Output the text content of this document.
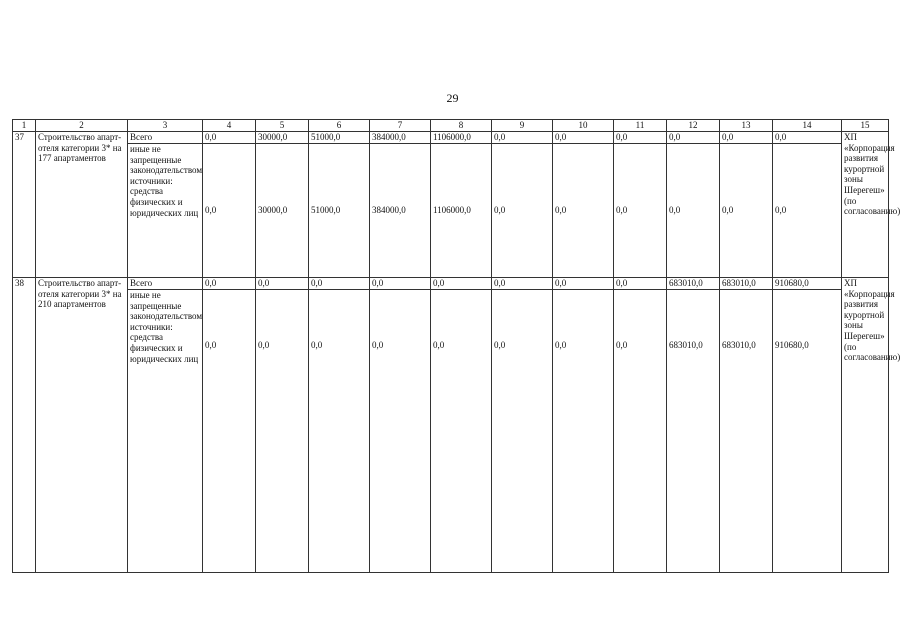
29
1	2	3	4	5	6	7	8	9	10	11	12	13	14	15
37	Строительство апарт-отеля категории 3* на 177 апартаментов	Всего	0,0	30000,0	51000,0	384000,0	1106000,0	0,0	0,0	0,0	0,0	0,0	0,0	ХП «Корпорация развития курортной зоны Шерегеш» (по согласованию)
		иные не запрещенные законодательством источники: средства физических и юридических лиц	0,0	30000,0	51000,0	384000,0	1106000,0	0,0	0,0	0,0	0,0	0,0	0,0	
38	Строительство апарт-отеля категории 3* на 210 апартаментов	Всего	0,0	0,0	0,0	0,0	0,0	0,0	0,0	0,0	683010,0	683010,0	910680,0	ХП «Корпорация развития курортной зоны Шерегеш» (по согласованию)
		иные не запрещенные законодательством источники: средства физических и юридических лиц	0,0	0,0	0,0	0,0	0,0	0,0	0,0	0,0	683010,0	683010,0	910680,0	
